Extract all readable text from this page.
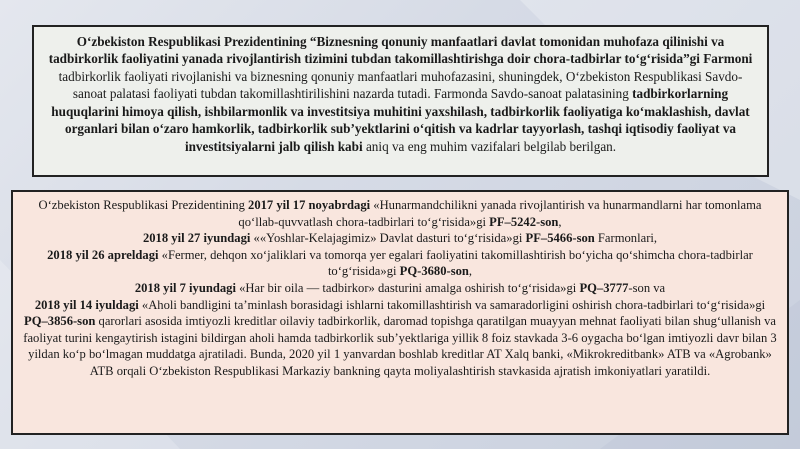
O‘zbekiston Respublikasi Prezidentining “Biznesning qonuniy manfaatlari davlat tomonidan muhofaza qilinishi va tadbirkorlik faoliyatini yanada rivojlantirish tizimini tubdan takomillashtirishga doir chora-tadbirlar to‘g‘risida”gi Farmoni tadbirkorlik faoliyati rivojlanishi va biznesning qonuniy manfaatlari muhofazasini, shuningdek, O‘zbekiston Respublikasi Savdo-sanoat palatasi faoliyati tubdan takomillashtirilishini nazarda tutadi. Farmonda Savdo-sanoat palatasining tadbirkorlarning huquqlarini himoya qilish, ishbilarmonlik va investitsiya muhitini yaxshilash, tadbirkorlik faoliyatiga ko‘maklashish, davlat organlari bilan o‘zaro hamkorlik, tadbirkorlik sub’yektlarini o‘qitish va kadrlar tayyorlash, tashqi iqtisodiy faoliyat va investitsiyalarni jalb qilish kabi aniq va eng muhim vazifalari belgilab berilgan.

O‘zbekiston Respublikasi Prezidentining 2017 yil 17 noyabrdagi «Hunarmandchilikni yanada rivojlantirish va hunarmandlarni har tomonlama qo‘llab-quvvatlash chora-tadbirlari to‘g‘risida»gi PF–5242-son,
2018 yil 27 iyundagi ««Yoshlar-Kelajagimiz» Davlat dasturi to‘g‘risida»gi PF–5466-son Farmonlari,
2018 yil 26 apreldagi «Fermer, dehqon xo‘jaliklari va tomorqa yer egalari faoliyatini takomillashtirish bo‘yicha qo‘shimcha chora-tadbirlar to‘g‘risida»gi PQ-3680-son,
2018 yil 7 iyundagi «Har bir oila — tadbirkor» dasturini amalga oshirish to‘g‘risida»gi PQ–3777-son va
2018 yil 14 iyuldagi «Aholi bandligini ta’minlash borasidagi ishlarni takomillashtirish va samaradorligini oshirish chora-tadbirlari to‘g‘risida»gi PQ–3856-son qarorlari asosida imtiyozli kreditlar oilaviy tadbirkorlik, daromad topishga qaratilgan muayyan mehnat faoliyati bilan shug‘ullanish va faoliyat turini kengaytirish istagini bildirgan aholi hamda tadbirkorlik sub’yektlariga yillik 8 foiz stavkada 3-6 oygacha bo‘lgan imtiyozli davr bilan 3 yildan ko‘p bo‘lmagan muddatga ajratiladi. Bunda, 2020 yil 1 yanvardan boshlab kreditlar AT Xalq banki, «Mikrokreditbank» ATB va «Agrobank» ATB orqali O‘zbekiston Respublikasi Markaziy bankning qayta moliyalashtirish stavkasida ajratish imkoniyatlari yaratildi.
